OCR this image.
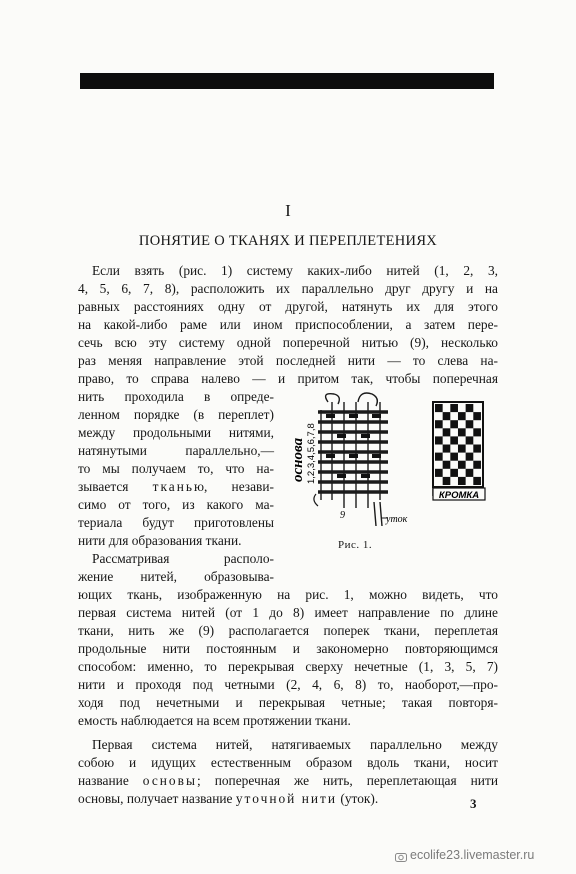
I
ПОНЯТИЕ О ТКАНЯХ И ПЕРЕПЛЕТЕНИЯХ
Если взять (рис. 1) систему каких-либо нитей (1, 2, 3,
4, 5, 6, 7, 8), расположить их параллельно друг другу и на
равных расстояниях одну от другой, натянуть их для этого
на какой-либо раме или ином приспособлении, а затем пере-
сечь всю эту систему одной поперечной нитью (9), несколько
раз меняя направление этой последней нити — то слева на-
право, то справа налево — и притом так, чтобы поперечная
нить проходила в опреде-
ленном порядке (в переплет)
между продольными нитями,
натянутыми параллельно,—
то мы получаем то, что на-
зывается тканью, незави-
симо от того, из какого ма-
териала будут приготовлены
нити для образования ткани.
Рассматривая располо-
жение нитей, образовыва-
ющих ткань, изображенную на рис. 1, можно видеть, что
первая система нитей (от 1 до 8) имеет направление по длине
ткани, нить же (9) располагается поперек ткани, переплетая
продольные нити постоянным и закономерно повторяющимся
способом: именно, то перекрывая сверху нечетные (1, 3, 5, 7)
нити и проходя под четными (2, 4, 6, 8) то, наоборот,—про-
ходя под нечетными и перекрывая четные; такая повторя-
емость наблюдается на всем протяжении ткани.
Первая система нитей, натягиваемых параллельно между
собою и идущих естественным образом вдоль ткани, носит
название основы; поперечная же нить, переплетающая нити
основы, получает название уточной нити (уток).
основа 1,2,3,4,5,6,7,8
9	уток
КРОМКА
Рис. 1.
3
ecolife23.livemaster.ru
